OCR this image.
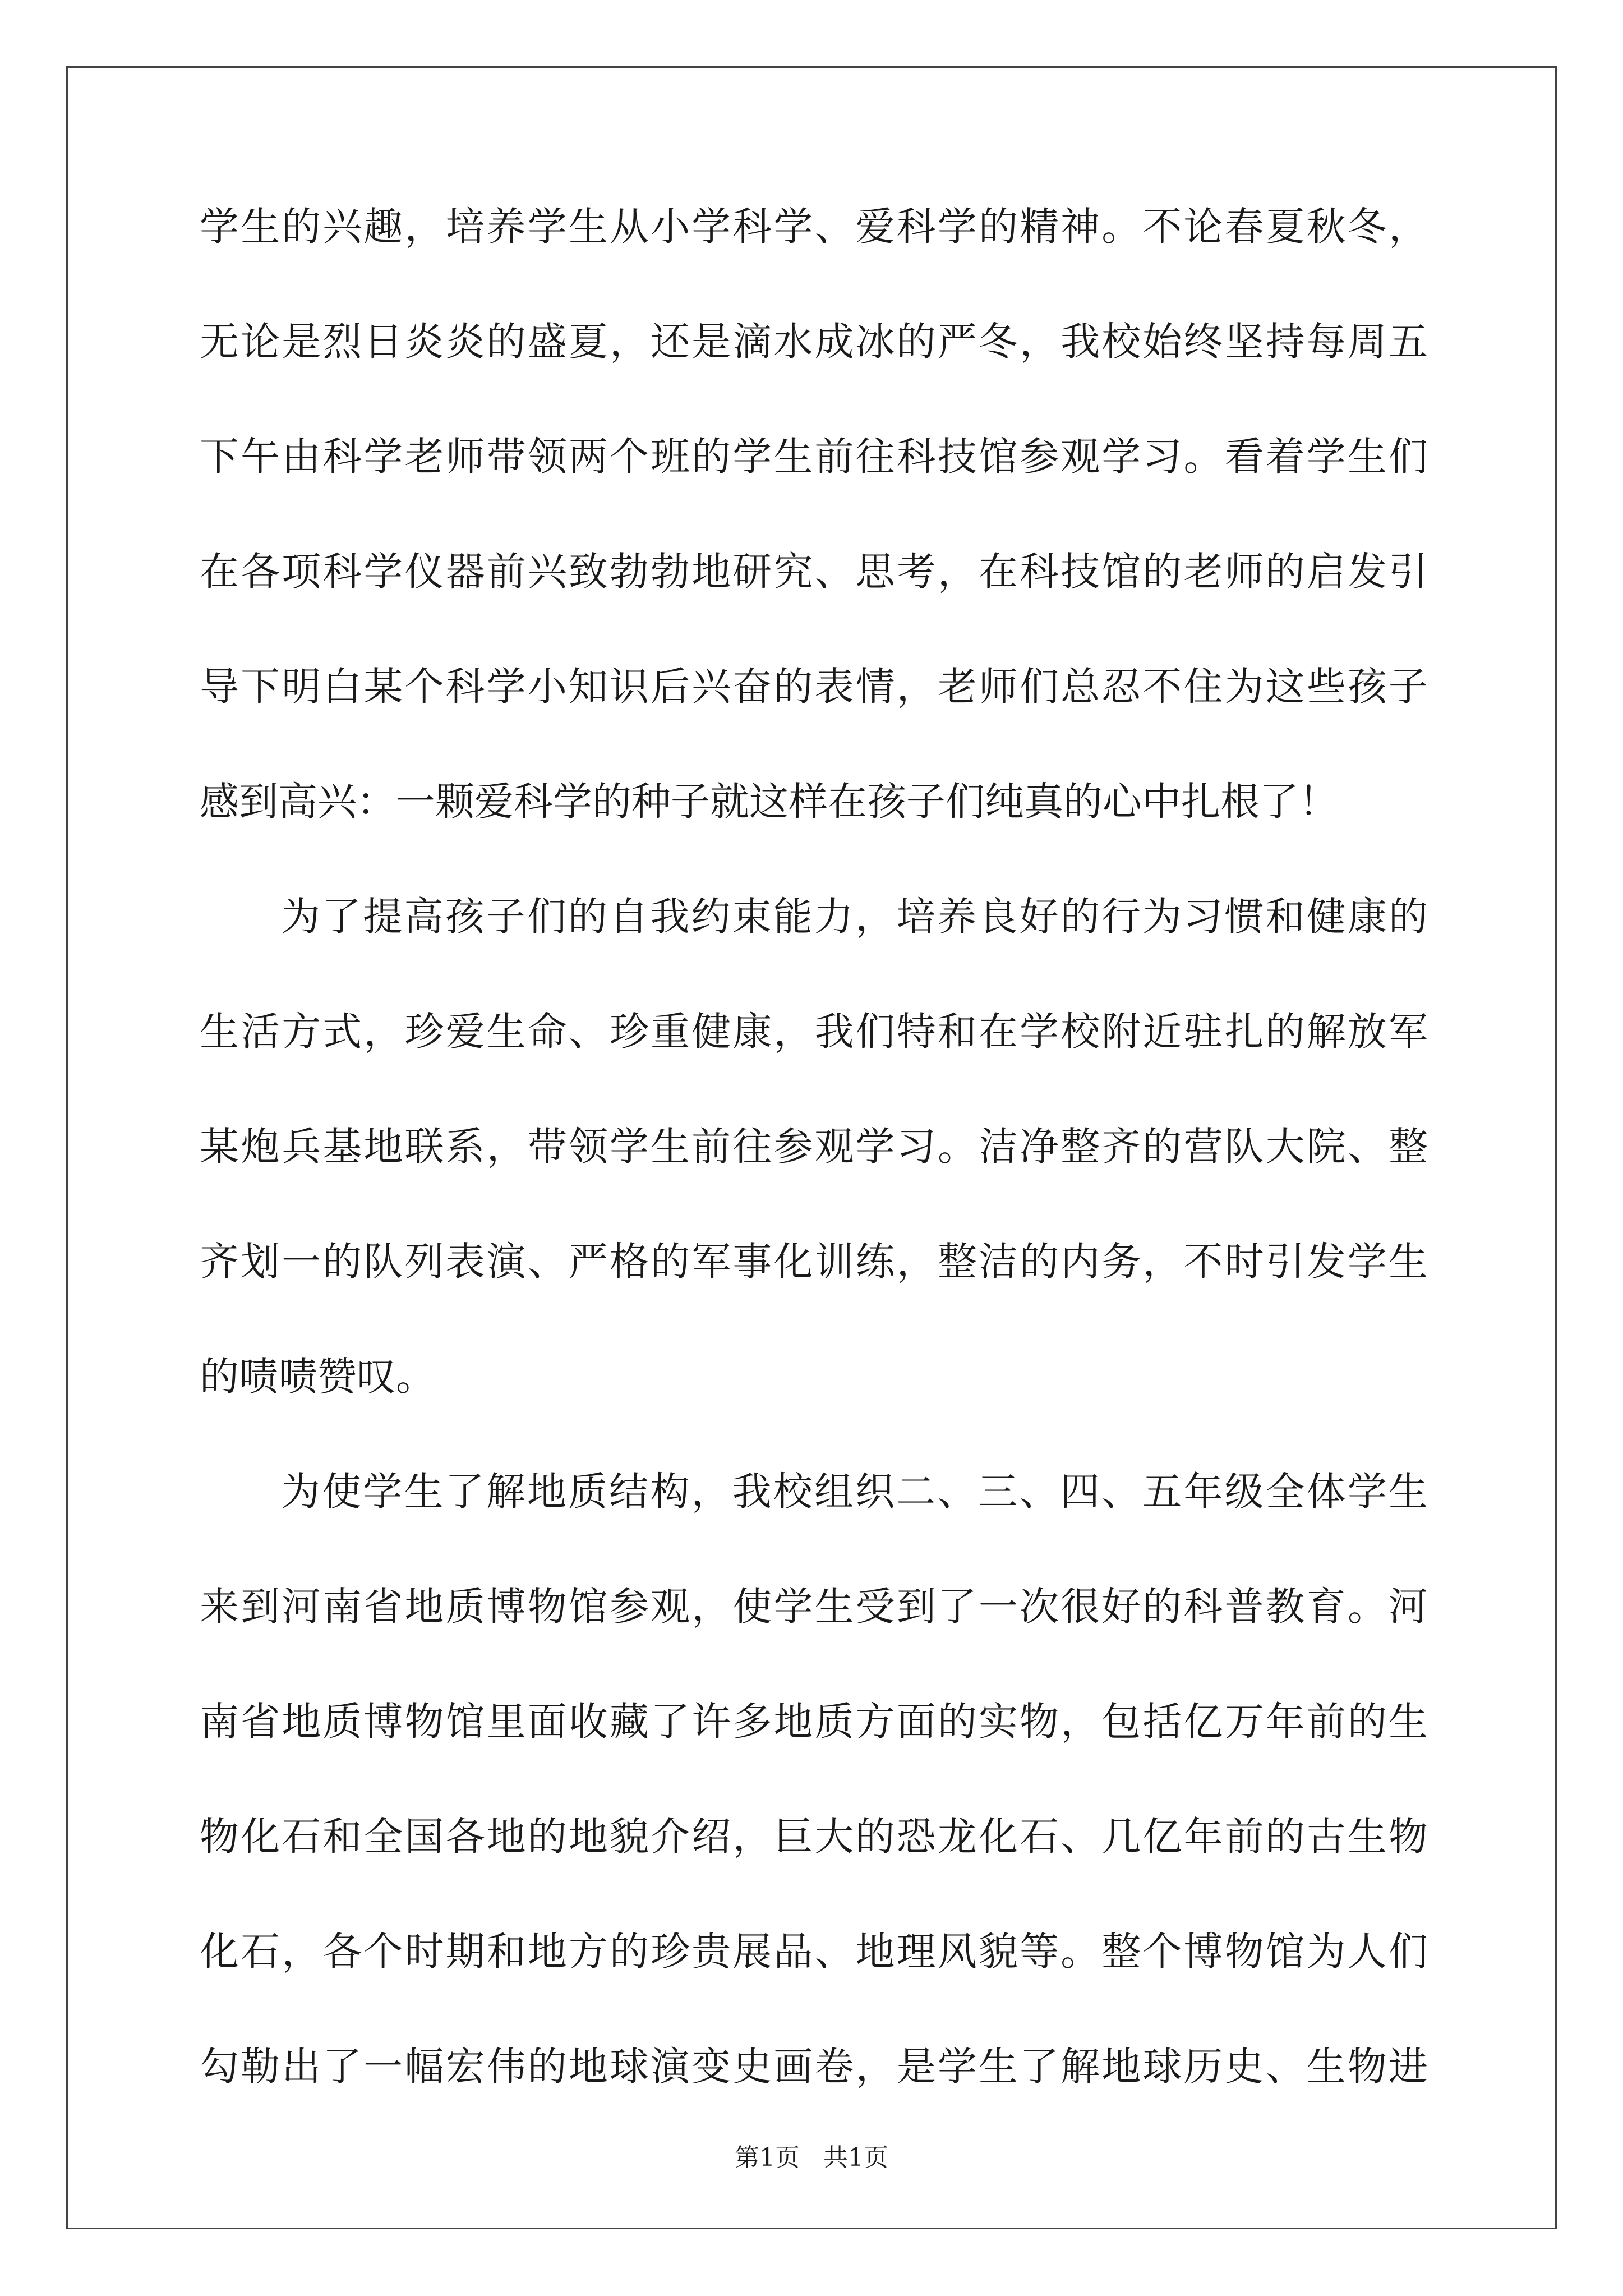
学生的兴趣，培养学生从小学科学、爱科学的精神。不论春夏秋冬，
无论是烈日炎炎的盛夏，还是滴水成冰的严冬，我校始终坚持每周五
下午由科学老师带领两个班的学生前往科技馆参观学习。看着学生们
在各项科学仪器前兴致勃勃地研究、思考，在科技馆的老师的启发引
导下明白某个科学小知识后兴奋的表情，老师们总忍不住为这些孩子
感到高兴：一颗爱科学的种子就这样在孩子们纯真的心中扎根了！
为了提高孩子们的自我约束能力，培养良好的行为习惯和健康的
生活方式，珍爱生命、珍重健康，我们特和在学校附近驻扎的解放军
某炮兵基地联系，带领学生前往参观学习。洁净整齐的营队大院、整
齐划一的队列表演、严格的军事化训练，整洁的内务，不时引发学生
的啧啧赞叹。
为使学生了解地质结构，我校组织二、三、四、五年级全体学生
来到河南省地质博物馆参观，使学生受到了一次很好的科普教育。河
南省地质博物馆里面收藏了许多地质方面的实物，包括亿万年前的生
物化石和全国各地的地貌介绍，巨大的恐龙化石、几亿年前的古生物
化石，各个时期和地方的珍贵展品、地理风貌等。整个博物馆为人们
勾勒出了一幅宏伟的地球演变史画卷，是学生了解地球历史、生物进
第1页   共1页
